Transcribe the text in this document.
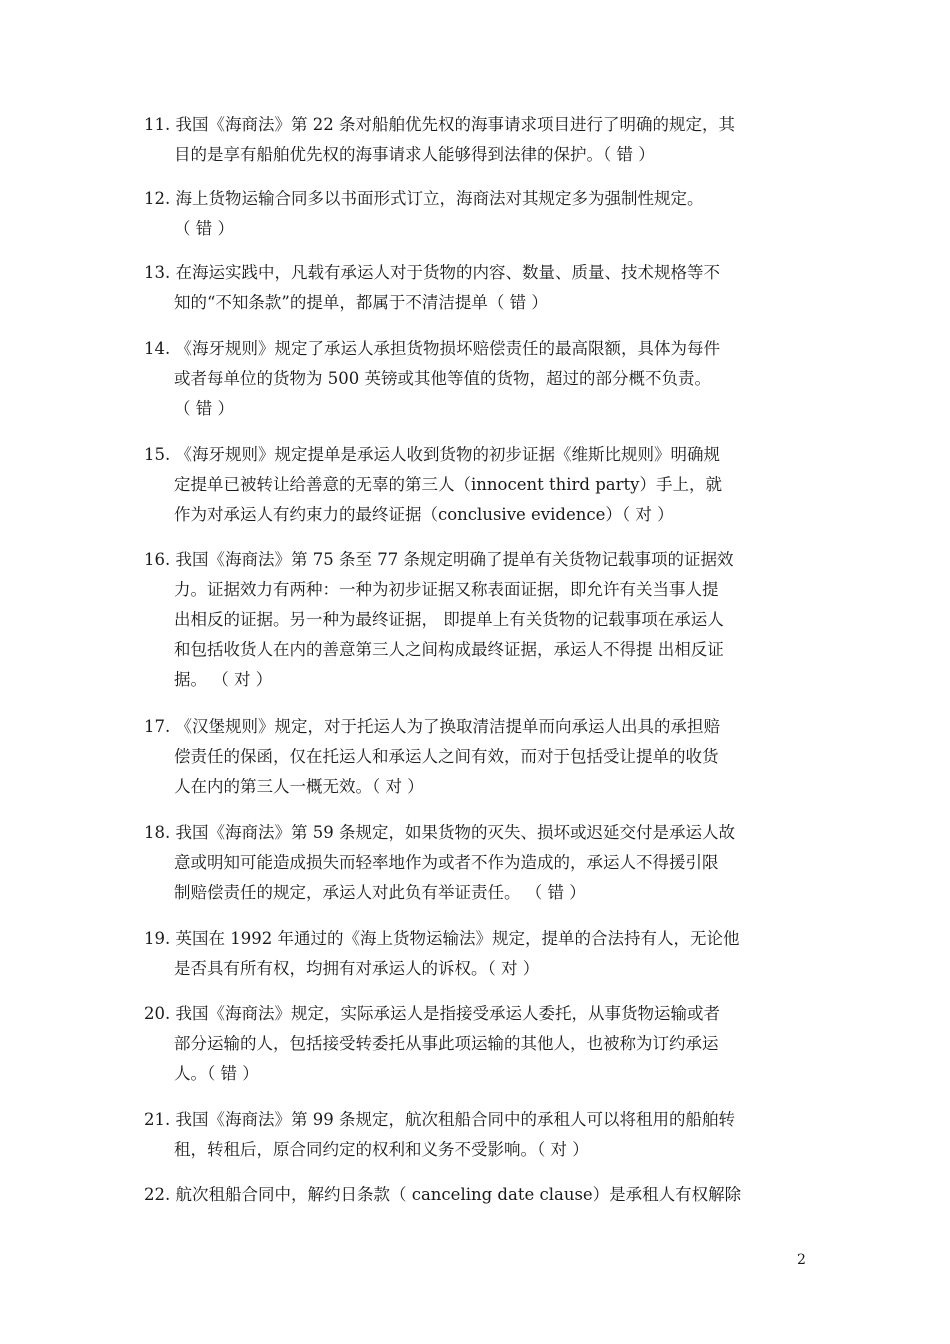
11. 我国《海商法》第 22 条对船舶优先权的海事请求项目进行了明确的规定，其
目的是享有船舶优先权的海事请求人能够得到法律的保护。（ 错 ）
12. 海上货物运输合同多以书面形式订立，海商法对其规定多为强制性规定。
（ 错 ）
13. 在海运实践中，凡载有承运人对于货物的内容、数量、质量、技术规格等不
知的“不知条款”的提单，都属于不清洁提单（ 错 ）
14. 《海牙规则》规定了承运人承担货物损坏赔偿责任的最高限额，具体为每件
或者每单位的货物为 500 英镑或其他等值的货物，超过的部分概不负责。
（ 错 ）
15. 《海牙规则》规定提单是承运人收到货物的初步证据《维斯比规则》明确规
定提单已被转让给善意的无辜的第三人（innocent third party）手上，就
作为对承运人有约束力的最终证据（conclusive evidence）（ 对 ）
16. 我国《海商法》第 75 条至 77 条规定明确了提单有关货物记载事项的证据效
力。证据效力有两种：一种为初步证据又称表面证据，即允许有关当事人提
出相反的证据。另一种为最终证据， 即提单上有关货物的记载事项在承运人
和包括收货人在内的善意第三人之间构成最终证据，承运人不得提 出相反证
据。 （ 对 ）
17. 《汉堡规则》规定，对于托运人为了换取清洁提单而向承运人出具的承担赔
偿责任的保函，仅在托运人和承运人之间有效，而对于包括受让提单的收货
人在内的第三人一概无效。（ 对 ）
18. 我国《海商法》第 59 条规定，如果货物的灭失、损坏或迟延交付是承运人故
意或明知可能造成损失而轻率地作为或者不作为造成的，承运人不得援引限
制赔偿责任的规定，承运人对此负有举证责任。 （ 错 ）
19. 英国在 1992 年通过的《海上货物运输法》规定，提单的合法持有人，无论他
是否具有所有权，均拥有对承运人的诉权。（ 对 ）
20. 我国《海商法》规定，实际承运人是指接受承运人委托，从事货物运输或者
部分运输的人，包括接受转委托从事此项运输的其他人，也被称为订约承运
人。（ 错 ）
21. 我国《海商法》第 99 条规定，航次租船合同中的承租人可以将租用的船舶转
租，转租后，原合同约定的权利和义务不受影响。（ 对 ）
22. 航次租船合同中，解约日条款（ canceling date clause）是承租人有权解除
2
